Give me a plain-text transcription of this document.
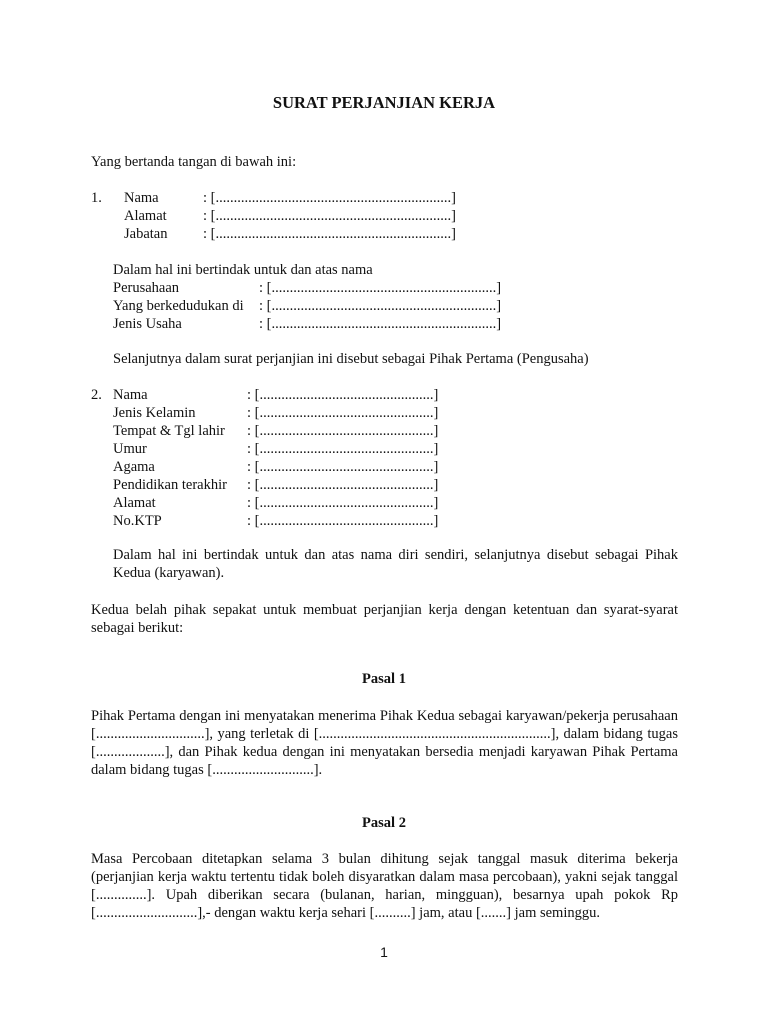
SURAT PERJANJIAN KERJA
Yang bertanda tangan di bawah ini:
1. Nama	: [.................................................................]
Alamat	: [.................................................................]
Jabatan : [.................................................................]
Dalam hal ini bertindak untuk dan atas nama
Perusahaan	: [..............................................................]
Yang berkedudukan di : [..............................................................]
Jenis Usaha	: [..............................................................]
Selanjutnya dalam surat perjanjian ini disebut sebagai Pihak Pertama (Pengusaha)
2. Nama	: [................................................]
Jenis Kelamin	: [................................................]
Tempat & Tgl lahir : [................................................]
Umur	: [................................................]
Agama	: [................................................]
Pendidikan terakhir : [................................................]
Alamat	: [................................................]
No.KTP	: [................................................]
Dalam hal ini bertindak untuk dan atas nama diri sendiri, selanjutnya disebut sebagai Pihak Kedua (karyawan).
Kedua belah pihak sepakat untuk membuat perjanjian kerja dengan ketentuan dan syarat-syarat sebagai berikut:
Pasal 1
Pihak Pertama dengan ini menyatakan menerima Pihak Kedua sebagai karyawan/pekerja perusahaan [..............................], yang terletak di [................................................................], dalam bidang tugas [...................], dan Pihak kedua dengan ini menyatakan bersedia menjadi karyawan Pihak Pertama dalam bidang tugas [............................].
Pasal 2
Masa Percobaan ditetapkan selama 3 bulan dihitung sejak tanggal masuk diterima bekerja (perjanjian kerja waktu tertentu tidak boleh disyaratkan dalam masa percobaan), yakni sejak tanggal [..............]. Upah diberikan secara (bulanan, harian, mingguan), besarnya upah pokok Rp [............................],- dengan waktu kerja sehari [..........] jam, atau [.......] jam seminggu.
1
